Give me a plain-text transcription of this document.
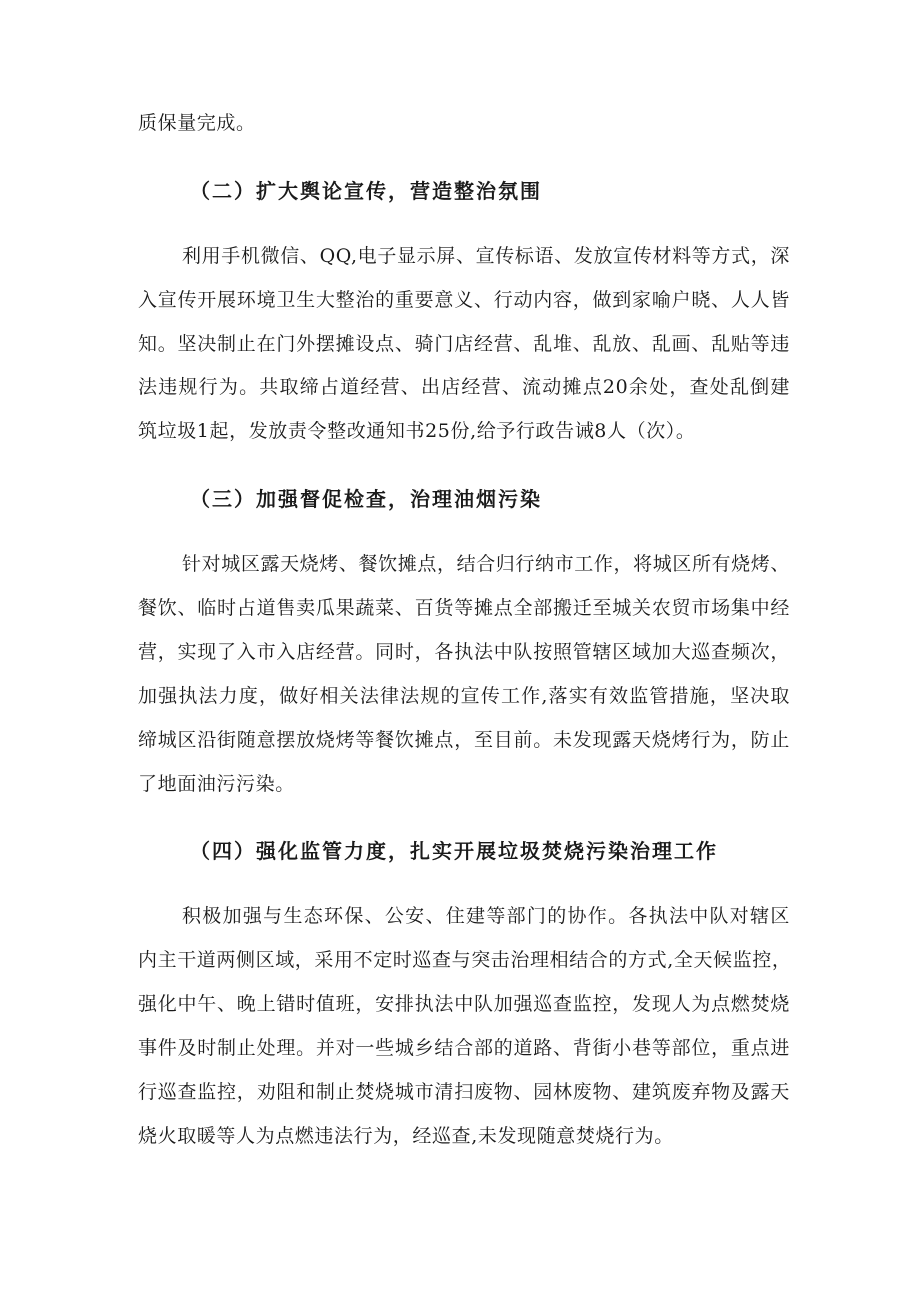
质保量完成。
（二）扩大舆论宣传，营造整治氛围
利用手机微信、QQ,电子显示屏、宣传标语、发放宣传材料等方式，深
入宣传开展环境卫生大整治的重要意义、行动内容，做到家喻户晓、人人皆
知。坚决制止在门外摆摊设点、骑门店经营、乱堆、乱放、乱画、乱贴等违
法违规行为。共取缔占道经营、出店经营、流动摊点20余处，查处乱倒建
筑垃圾1起，发放责令整改通知书25份,给予行政告诫8人（次）。
（三）加强督促检查，治理油烟污染
针对城区露天烧烤、餐饮摊点，结合归行纳市工作，将城区所有烧烤、
餐饮、临时占道售卖瓜果蔬菜、百货等摊点全部搬迁至城关农贸市场集中经
营，实现了入市入店经营。同时，各执法中队按照管辖区域加大巡查频次，
加强执法力度，做好相关法律法规的宣传工作,落实有效监管措施，坚决取
缔城区沿街随意摆放烧烤等餐饮摊点，至目前。未发现露天烧烤行为，防止
了地面油污污染。
（四）强化监管力度，扎实开展垃圾焚烧污染治理工作
积极加强与生态环保、公安、住建等部门的协作。各执法中队对辖区
内主干道两侧区域，采用不定时巡查与突击治理相结合的方式,全天候监控，
强化中午、晚上错时值班，安排执法中队加强巡查监控，发现人为点燃焚烧
事件及时制止处理。并对一些城乡结合部的道路、背街小巷等部位，重点进
行巡查监控，劝阻和制止焚烧城市清扫废物、园林废物、建筑废弃物及露天
烧火取暖等人为点燃违法行为，经巡查,未发现随意焚烧行为。
